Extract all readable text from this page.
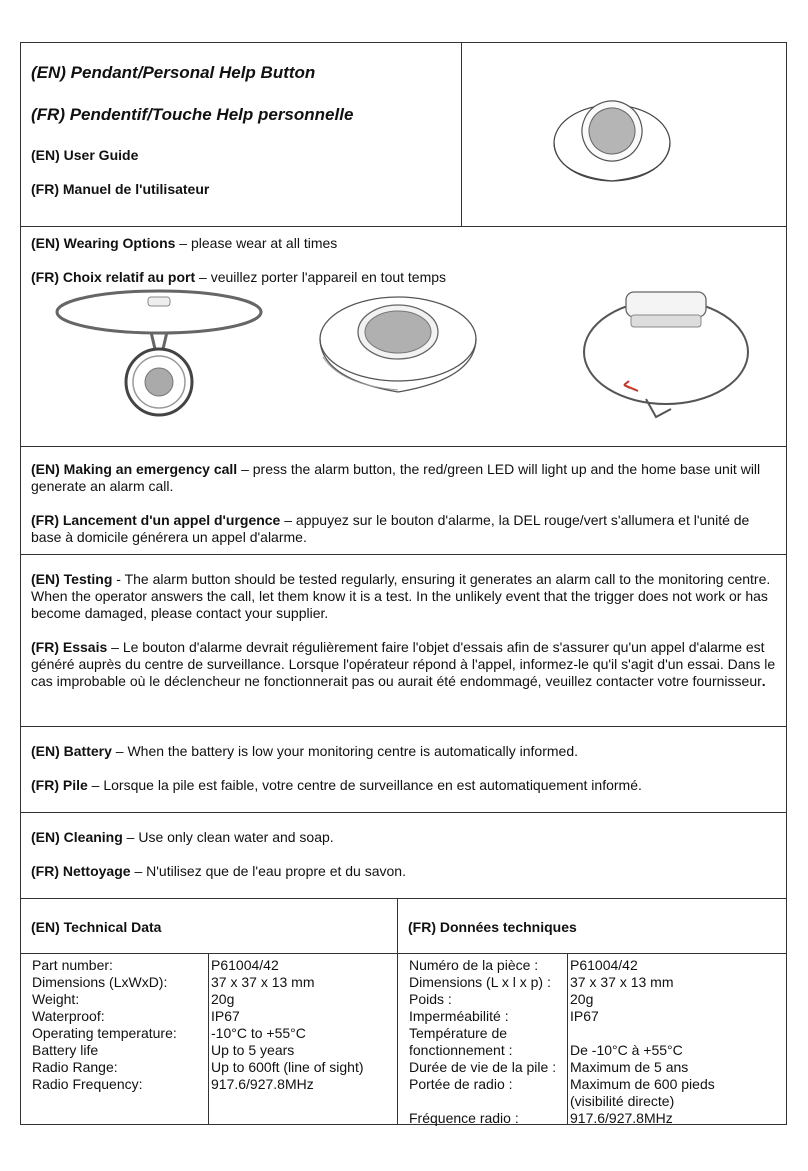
(EN) Pendant/Personal Help Button
(FR) Pendentif/Touche Help personnelle
(EN) User Guide
(FR) Manuel de l'utilisateur

(EN) Wearing Options – please wear at all times

(FR) Choix relatif au port – veuillez porter l'appareil en tout temps

(EN) Making an emergency call – press the alarm button, the red/green LED will light up and the home base unit will generate an alarm call.

(FR) Lancement d'un appel d'urgence – appuyez sur le bouton d'alarme, la DEL rouge/vert s'allumera et l'unité de base à domicile générera un appel d'alarme.

(EN) Testing - The alarm button should be tested regularly, ensuring it generates an alarm call to the monitoring centre. When the operator answers the call, let them know it is a test. In the unlikely event that the trigger does not work or has become damaged, please contact your supplier.

(FR) Essais – Le bouton d'alarme devrait régulièrement faire l'objet d'essais afin de s'assurer qu'un appel d'alarme est généré auprès du centre de surveillance. Lorsque l'opérateur répond à l'appel, informez-le qu'il s'agit d'un essai. Dans le cas improbable où le déclencheur ne fonctionnerait pas ou aurait été endommagé, veuillez contacter votre fournisseur.

(EN) Battery – When the battery is low your monitoring centre is automatically informed.

(FR) Pile – Lorsque la pile est faible, votre centre de surveillance en est automatiquement informé.

(EN) Cleaning – Use only clean water and soap.

(FR) Nettoyage – N'utilisez que de l'eau propre et du savon.

(EN) Technical Data	(FR) Données techniques
Part number:
Dimensions (LxWxD):
Weight:
Waterproof:
Operating temperature:
Battery life
Radio Range:
Radio Frequency:
P61004/42
37 x 37 x 13 mm
20g
IP67
-10°C to +55°C
Up to 5 years
Up to 600ft (line of sight)
917.6/927.8MHz
Numéro de la pièce :
Dimensions (L x l x p) :
Poids :
Imperméabilité :
Température de
fonctionnement :
Durée de vie de la pile :
Portée de radio :
Fréquence radio :
P61004/42
37 x 37 x 13 mm
20g
IP67
De -10°C à +55°C
Maximum de 5 ans
Maximum de 600 pieds
(visibilité directe)
917.6/927.8MHz
